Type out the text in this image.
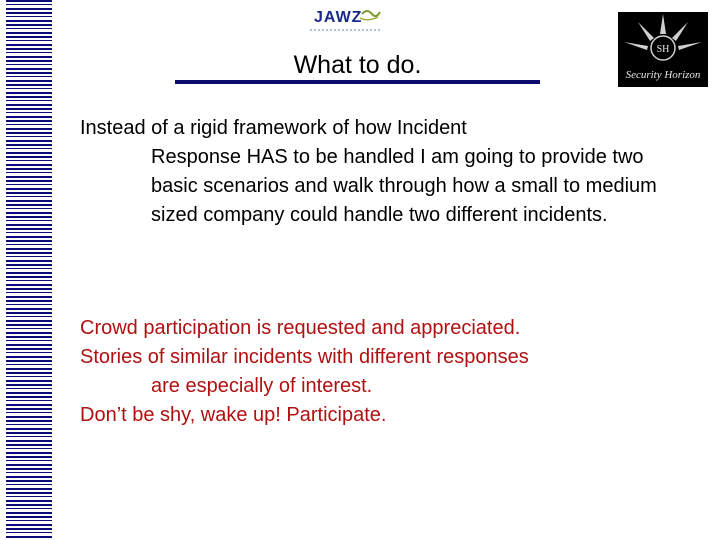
JAWZ
SH
Security Horizon
What to do.

Instead of a rigid framework of how Incident
Response HAS to be handled I am going to provide two basic scenarios and walk through how a small to medium sized company could handle two different incidents.

Crowd participation is requested and appreciated.
Stories of similar incidents with different responses
are especially of interest.
Don’t be shy, wake up! Participate.
